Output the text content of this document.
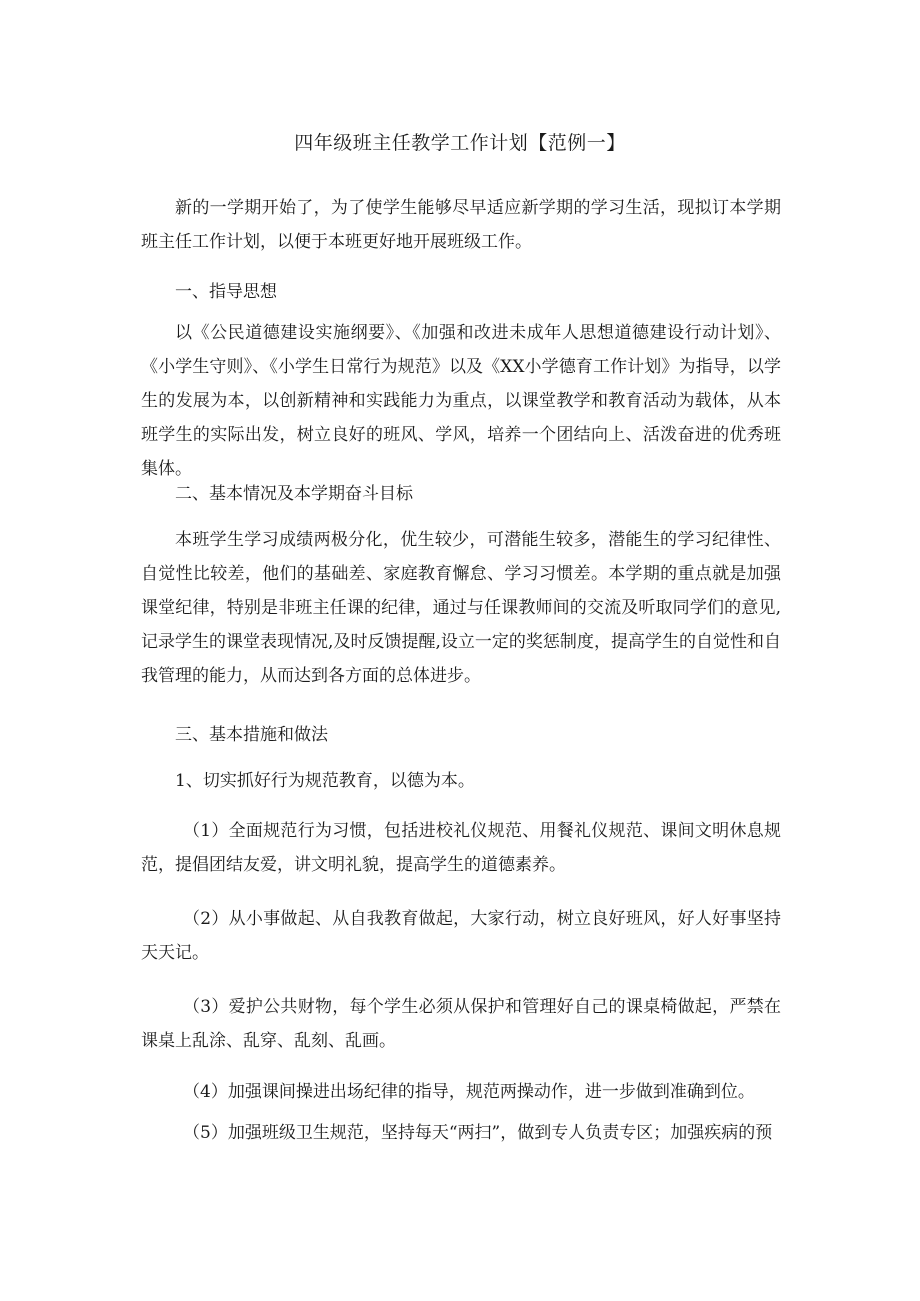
四年级班主任教学工作计划【范例一】

新的一学期开始了，为了使学生能够尽早适应新学期的学习生活，现拟订本学期班主任工作计划，以便于本班更好地开展班级工作。

一、指导思想

以《公民道德建设实施纲要》、《加强和改进未成年人思想道德建设行动计划》、《小学生守则》、《小学生日常行为规范》以及《XX小学德育工作计划》为指导，以学生的发展为本，以创新精神和实践能力为重点，以课堂教学和教育活动为载体，从本班学生的实际出发，树立良好的班风、学风，培养一个团结向上、活泼奋进的优秀班集体。

二、基本情况及本学期奋斗目标

本班学生学习成绩两极分化，优生较少，可潜能生较多，潜能生的学习纪律性、自觉性比较差，他们的基础差、家庭教育懈怠、学习习惯差。本学期的重点就是加强课堂纪律，特别是非班主任课的纪律，通过与任课教师间的交流及听取同学们的意见,记录学生的课堂表现情况,及时反馈提醒,设立一定的奖惩制度，提高学生的自觉性和自我管理的能力，从而达到各方面的总体进步。

三、基本措施和做法

1、切实抓好行为规范教育，以德为本。

（1）全面规范行为习惯，包括进校礼仪规范、用餐礼仪规范、课间文明休息规范，提倡团结友爱，讲文明礼貌，提高学生的道德素养。

（2）从小事做起、从自我教育做起，大家行动，树立良好班风，好人好事坚持天天记。

（3）爱护公共财物，每个学生必须从保护和管理好自己的课桌椅做起，严禁在课桌上乱涂、乱穿、乱刻、乱画。

（4）加强课间操进出场纪律的指导，规范两操动作，进一步做到准确到位。

（5）加强班级卫生规范，坚持每天“两扫”，做到专人负责专区；加强疾病的预
